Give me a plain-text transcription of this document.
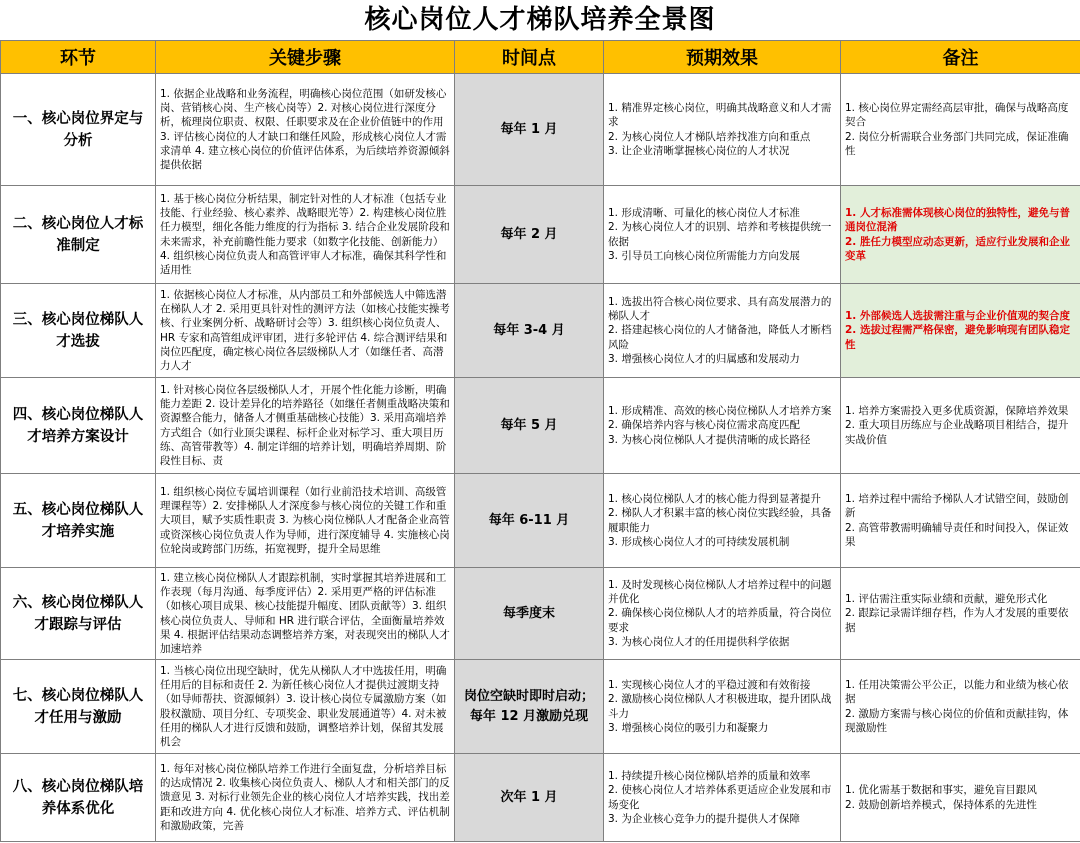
核心岗位人才梯队培养全景图
环节	关键步骤	时间点	预期效果	备注
一、核心岗位界定与分析	1. 依据企业战略和业务流程，明确核心岗位范围（如研发核心岗、营销核心岗、生产核心岗等）2. 对核心岗位进行深度分析，梳理岗位职责、权限、任职要求及在企业价值链中的作用 3. 评估核心岗位的人才缺口和继任风险，形成核心岗位人才需求清单 4. 建立核心岗位的价值评估体系，为后续培养资源倾斜提供依据	每年 1 月	1. 精准界定核心岗位，明确其战略意义和人才需求
2. 为核心岗位人才梯队培养找准方向和重点
3. 让企业清晰掌握核心岗位的人才状况	1. 核心岗位界定需经高层审批，确保与战略高度契合
2. 岗位分析需联合业务部门共同完成，保证准确性

二、核心岗位人才标准制定	1. 基于核心岗位分析结果，制定针对性的人才标准（包括专业技能、行业经验、核心素养、战略眼光等）2. 构建核心岗位胜任力模型，细化各能力维度的行为指标 3. 结合企业发展阶段和未来需求，补充前瞻性能力要求（如数字化技能、创新能力）4. 组织核心岗位负责人和高管评审人才标准，确保其科学性和适用性	每年 2 月	1. 形成清晰、可量化的核心岗位人才标准
2. 为核心岗位人才的识别、培养和考核提供统一依据
3. 引导员工向核心岗位所需能力方向发展	1. 人才标准需体现核心岗位的独特性，避免与普通岗位混淆
2. 胜任力模型应动态更新，适应行业发展和企业变革

三、核心岗位梯队人才选拔	1. 依据核心岗位人才标准，从内部员工和外部候选人中筛选潜在梯队人才 2. 采用更具针对性的测评方法（如核心技能实操考核、行业案例分析、战略研讨会等）3. 组织核心岗位负责人、HR 专家和高管组成评审团，进行多轮评估 4. 综合测评结果和岗位匹配度，确定核心岗位各层级梯队人才（如继任者、高潜力人才	每年 3-4 月	1. 选拔出符合核心岗位要求、具有高发展潜力的梯队人才
2. 搭建起核心岗位的人才储备池，降低人才断档风险
3. 增强核心岗位人才的归属感和发展动力	1. 外部候选人选拔需注重与企业价值观的契合度
2. 选拔过程需严格保密，避免影响现有团队稳定性

四、核心岗位梯队人才培养方案设计	1. 针对核心岗位各层级梯队人才，开展个性化能力诊断，明确能力差距 2. 设计差异化的培养路径（如继任者侧重战略决策和资源整合能力，储备人才侧重基础核心技能）3. 采用高端培养方式组合（如行业顶尖课程、标杆企业对标学习、重大项目历练、高管带教等）4. 制定详细的培养计划，明确培养周期、阶段性目标、责	每年 5 月	1. 形成精准、高效的核心岗位梯队人才培养方案
2. 确保培养内容与核心岗位需求高度匹配
3. 为核心岗位梯队人才提供清晰的成长路径	1. 培养方案需投入更多优质资源，保障培养效果
2. 重大项目历练应与企业战略项目相结合，提升实战价值

五、核心岗位梯队人才培养实施	1. 组织核心岗位专属培训课程（如行业前沿技术培训、高级管理课程等）2. 安排梯队人才深度参与核心岗位的关键工作和重大项目，赋予实质性职责 3. 为核心岗位梯队人才配备企业高管或资深核心岗位负责人作为导师，进行深度辅导 4. 实施核心岗位轮岗或跨部门历练，拓宽视野，提升全局思维	每年 6-11 月	1. 核心岗位梯队人才的核心能力得到显著提升
2. 梯队人才积累丰富的核心岗位实践经验，具备履职能力
3. 形成核心岗位人才的可持续发展机制	1. 培养过程中需给予梯队人才试错空间，鼓励创新
2. 高管带教需明确辅导责任和时间投入，保证效果

六、核心岗位梯队人才跟踪与评估	1. 建立核心岗位梯队人才跟踪机制，实时掌握其培养进展和工作表现（每月沟通、每季度评估）2. 采用更严格的评估标准（如核心项目成果、核心技能提升幅度、团队贡献等）3. 组织核心岗位负责人、导师和 HR 进行联合评估，全面衡量培养效果 4. 根据评估结果动态调整培养方案，对表现突出的梯队人才加速培养	每季度末	1. 及时发现核心岗位梯队人才培养过程中的问题并优化
2. 确保核心岗位梯队人才的培养质量，符合岗位要求
3. 为核心岗位人才的任用提供科学依据	1. 评估需注重实际业绩和贡献，避免形式化
2. 跟踪记录需详细存档，作为人才发展的重要依据

七、核心岗位梯队人才任用与激励	1. 当核心岗位出现空缺时，优先从梯队人才中选拔任用，明确任用后的目标和责任 2. 为新任核心岗位人才提供过渡期支持（如导师帮扶、资源倾斜）3. 设计核心岗位专属激励方案（如股权激励、项目分红、专项奖金、职业发展通道等）4. 对未被任用的梯队人才进行反馈和鼓励，调整培养计划，保留其发展机会	岗位空缺时即时启动；每年 12 月激励兑现	1. 实现核心岗位人才的平稳过渡和有效衔接
2. 激励核心岗位梯队人才积极进取，提升团队战斗力
3. 增强核心岗位的吸引力和凝聚力	1. 任用决策需公平公正，以能力和业绩为核心依据
2. 激励方案需与核心岗位的价值和贡献挂钩，体现激励性

八、核心岗位梯队培养体系优化	1. 每年对核心岗位梯队培养工作进行全面复盘，分析培养目标的达成情况 2. 收集核心岗位负责人、梯队人才和相关部门的反馈意见 3. 对标行业领先企业的核心岗位人才培养实践，找出差距和改进方向 4. 优化核心岗位人才标准、培养方式、评估机制和激励政策，完善	次年 1 月	1. 持续提升核心岗位梯队培养的质量和效率
2. 使核心岗位人才培养体系更适应企业发展和市场变化
3. 为企业核心竞争力的提升提供人才保障	1. 优化需基于数据和事实，避免盲目跟风
2. 鼓励创新培养模式，保持体系的先进性
